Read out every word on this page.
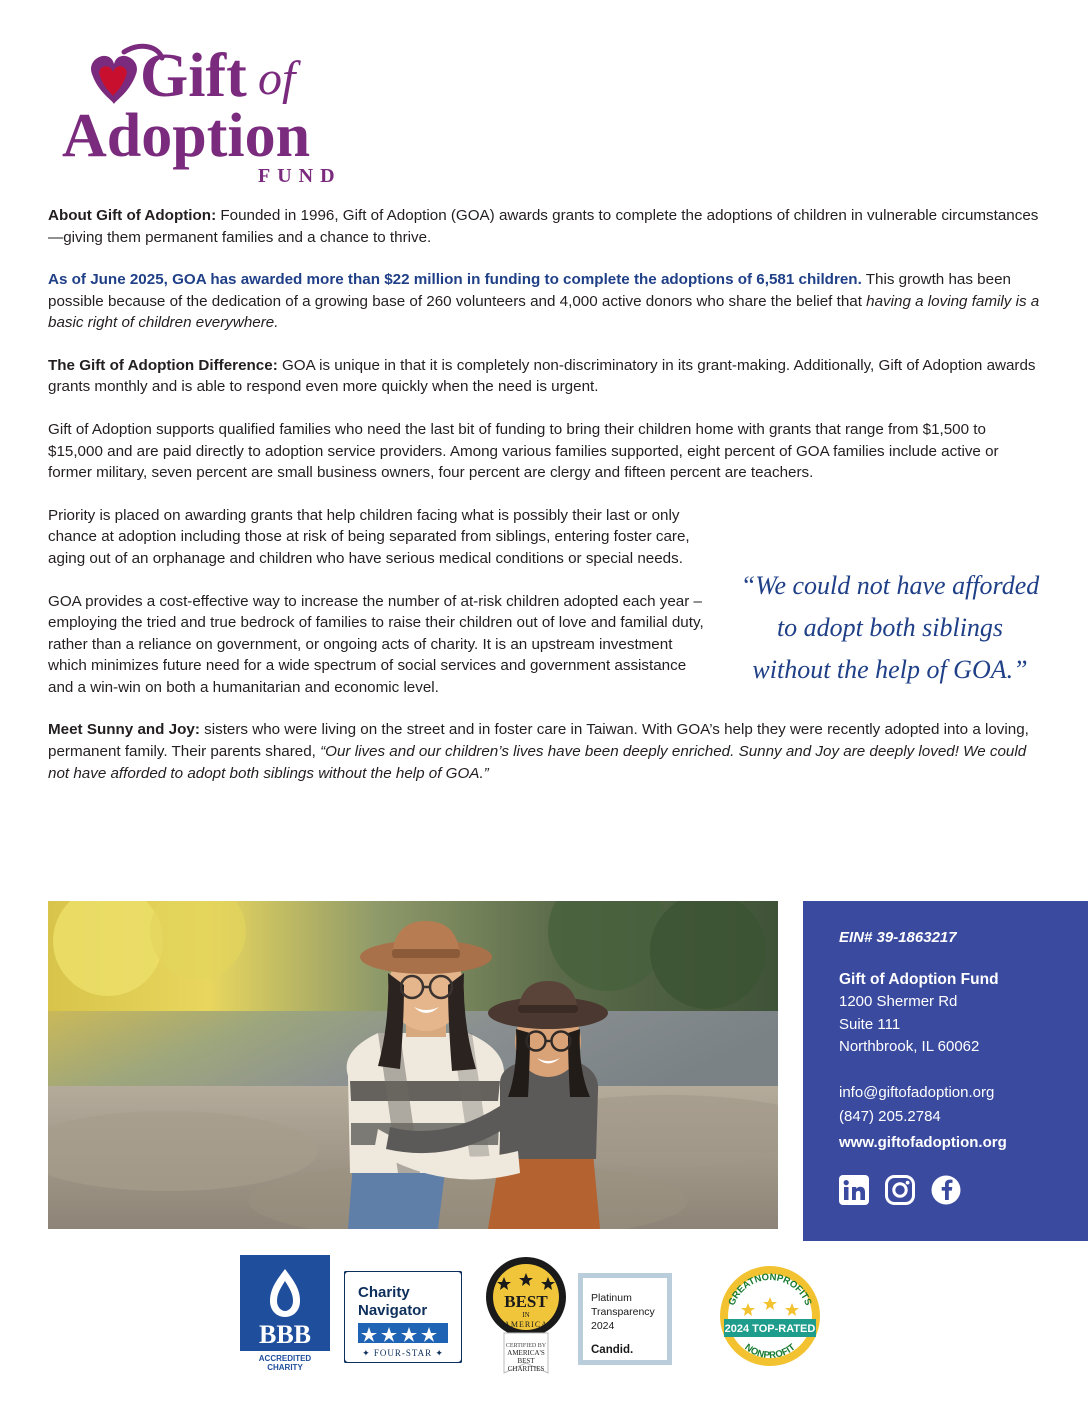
Gift of
Adoption
FUND

About Gift of Adoption: Founded in 1996, Gift of Adoption (GOA) awards grants to complete the adoptions of children in vulnerable circumstances—giving them permanent families and a chance to thrive.

As of June 2025, GOA has awarded more than $22 million in funding to complete the adoptions of 6,581 children. This growth has been possible because of the dedication of a growing base of 260 volunteers and 4,000 active donors who share the belief that having a loving family is a basic right of children everywhere.

The Gift of Adoption Difference: GOA is unique in that it is completely non-discriminatory in its grant-making. Additionally, Gift of Adoption awards grants monthly and is able to respond even more quickly when the need is urgent.

Gift of Adoption supports qualified families who need the last bit of funding to bring their children home with grants that range from $1,500 to $15,000 and are paid directly to adoption service providers. Among various families supported, eight percent of GOA families include active or former military, seven percent are small business owners, four percent are clergy and fifteen percent are teachers.

Priority is placed on awarding grants that help children facing what is possibly their last or only chance at adoption including those at risk of being separated from siblings, entering foster care, aging out of an orphanage and children who have serious medical conditions or special needs.

GOA provides a cost-effective way to increase the number of at-risk children adopted each year – employing the tried and true bedrock of families to raise their children out of love and familial duty, rather than a reliance on government, or ongoing acts of charity. It is an upstream investment which minimizes future need for a wide spectrum of social services and government assistance and a win-win on both a humanitarian and economic level.

Meet Sunny and Joy: sisters who were living on the street and in foster care in Taiwan. With GOA’s help they were recently adopted into a loving, permanent family. Their parents shared, “Our lives and our children’s lives have been deeply enriched. Sunny and Joy are deeply loved! We could not have afforded to adopt both siblings without the help of GOA.”

“We could not have afforded to adopt both siblings without the help of GOA.”
EIN# 39-1863217
Gift of Adoption Fund
1200 Shermer Rd
Suite 111
Northbrook, IL 60062
info@giftofadoption.org
(847) 205.2784
www.giftofadoption.org
BBB
ACCREDITED
CHARITY
Charity
Navigator
✦ FOUR-STAR ✦
BEST
IN
AMERICA
CERTIFIED BY
AMERICA'S
BEST
CHARITIES
Platinum
Transparency
2024
Candid.
GREATNONPROFITS
2024 TOP-RATED
NONPROFIT
